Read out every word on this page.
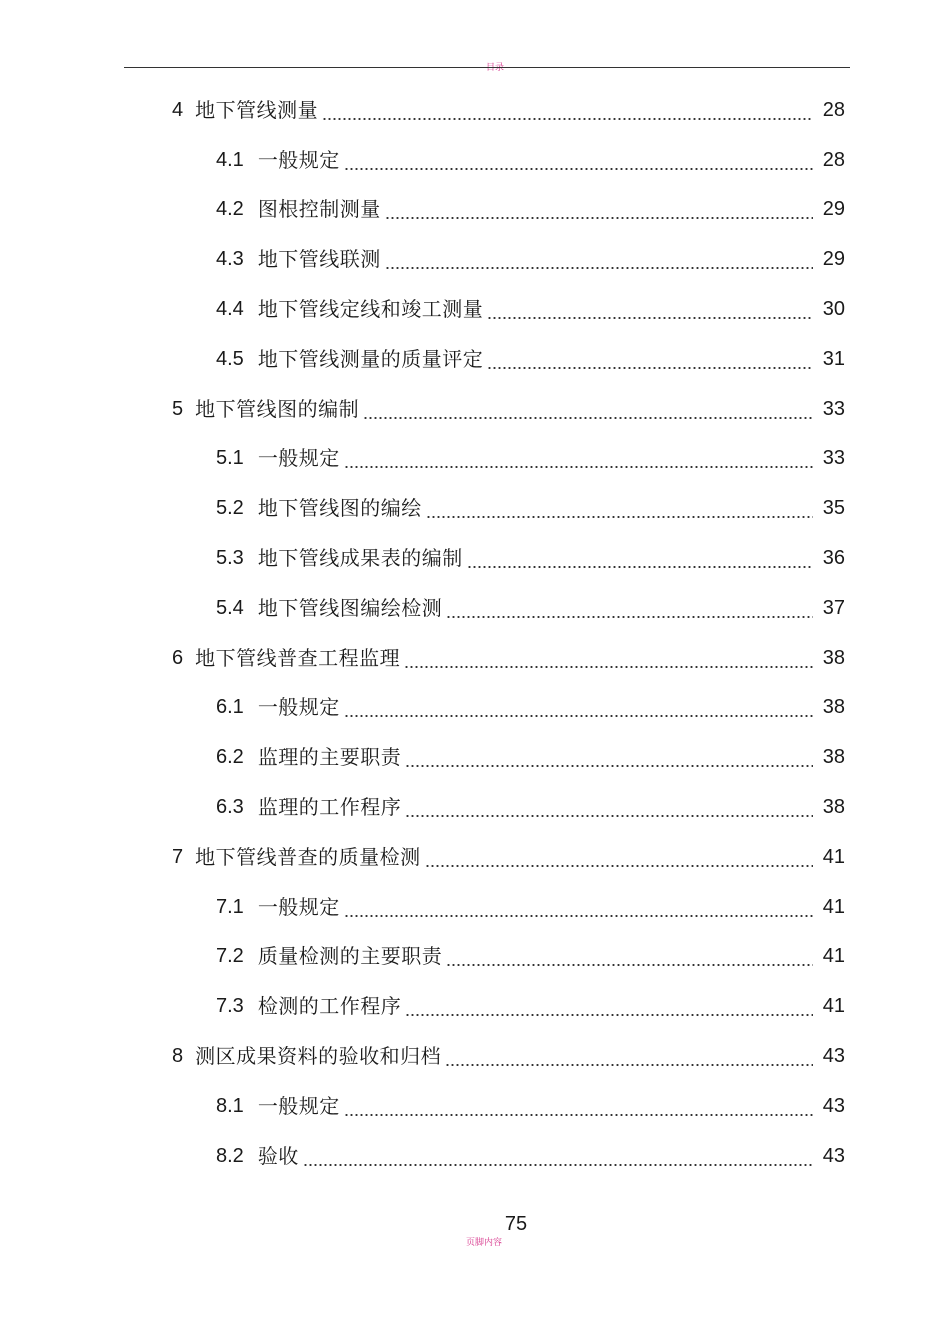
目录
4 地下管线测量	28
4.1 一般规定	28
4.2 图根控制测量	29
4.3 地下管线联测	29
4.4 地下管线定线和竣工测量	30
4.5 地下管线测量的质量评定	31
5 地下管线图的编制	33
5.1 一般规定	33
5.2 地下管线图的编绘	35
5.3 地下管线成果表的编制	36
5.4 地下管线图编绘检测	37
6 地下管线普查工程监理	38
6.1 一般规定	38
6.2 监理的主要职责	38
6.3 监理的工作程序	38
7 地下管线普查的质量检测	41
7.1 一般规定	41
7.2 质量检测的主要职责	41
7.3 检测的工作程序	41
8 测区成果资料的验收和归档	43
8.1 一般规定	43
8.2 验收	43
75
页脚内容
